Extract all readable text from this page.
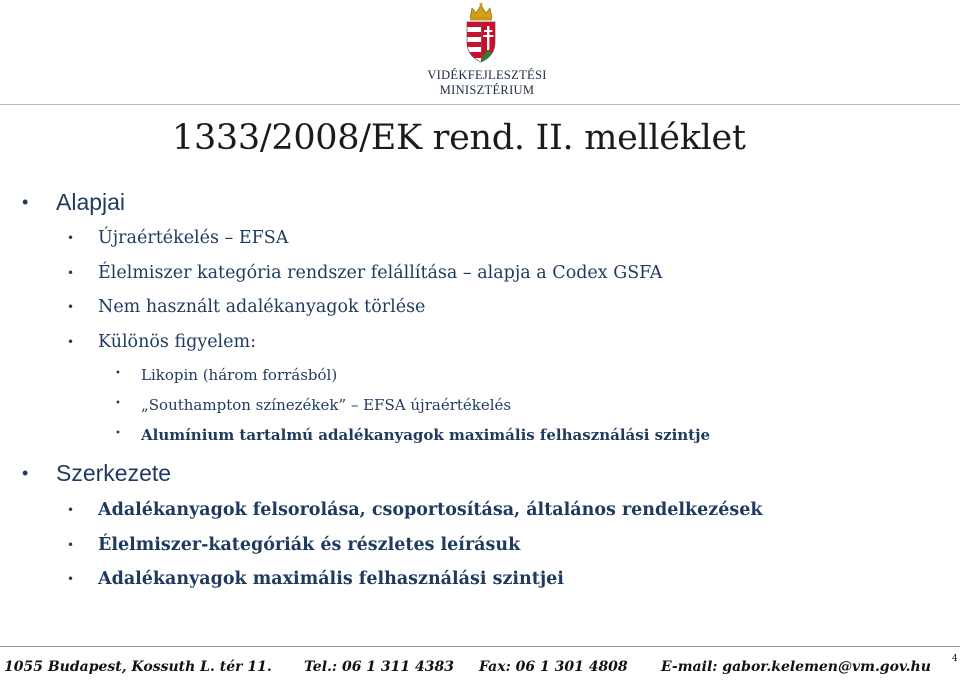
VIDÉKFEJLESZTÉSI
MINISZTÉRIUM
1333/2008/EK rend. II. melléklet
• Alapjai
• Újraértékelés – EFSA
• Élelmiszer kategória rendszer felállítása – alapja a Codex GSFA
• Nem használt adalékanyagok törlése
• Különös figyelem:
• Likopin (három forrásból)
• „Southampton színezékek” – EFSA újraértékelés
• Alumínium tartalmú adalékanyagok maximális felhasználási szintje
• Szerkezete
• Adalékanyagok felsorolása, csoportosítása, általános rendelkezések
• Élelmiszer-kategóriák és részletes leírásuk
• Adalékanyagok maximális felhasználási szintjei
1055 Budapest, Kossuth L. tér 11. Tel.: 06 1 311 4383 Fax: 06 1 301 4808 E-mail: gabor.kelemen@vm.gov.hu 4
